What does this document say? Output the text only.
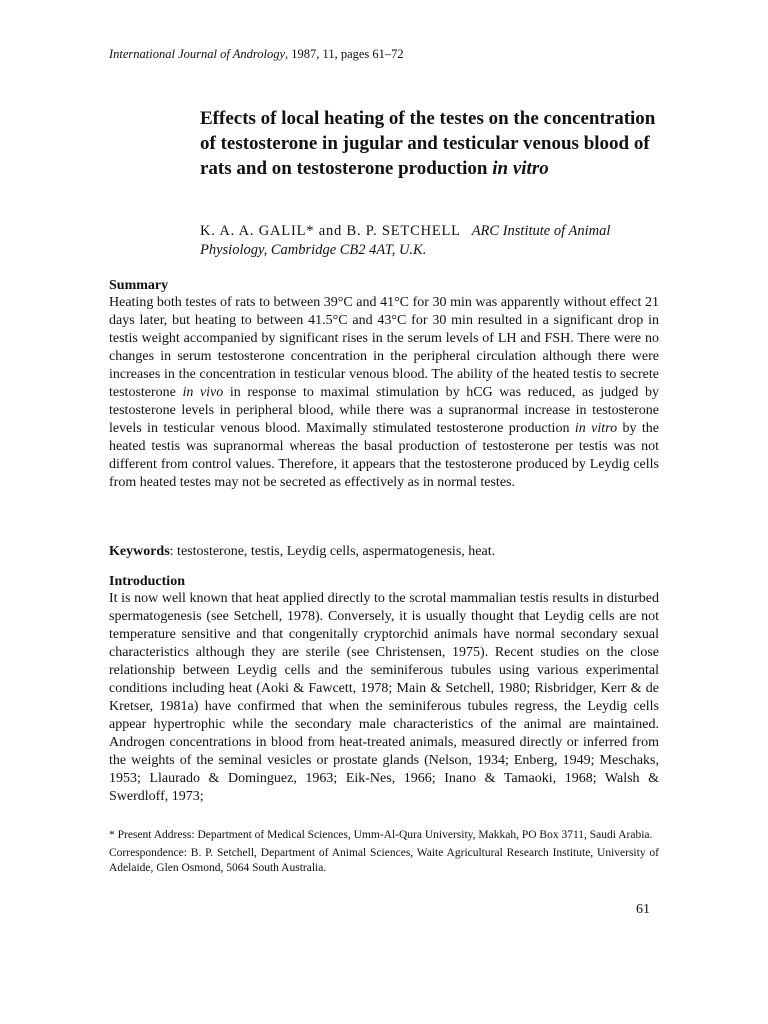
International Journal of Andrology, 1987, 11, pages 61–72
Effects of local heating of the testes on the concentration of testosterone in jugular and testicular venous blood of rats and on testosterone production in vitro
K. A. A. GALIL* and B. P. SETCHELL ARC Institute of Animal Physiology, Cambridge CB2 4AT, U.K.
Summary
Heating both testes of rats to between 39°C and 41°C for 30 min was apparently without effect 21 days later, but heating to between 41.5°C and 43°C for 30 min resulted in a significant drop in testis weight accompanied by significant rises in the serum levels of LH and FSH. There were no changes in serum testosterone concentration in the peripheral circulation although there were increases in the concentration in testicular venous blood. The ability of the heated testis to secrete testosterone in vivo in response to maximal stimulation by hCG was reduced, as judged by testosterone levels in peripheral blood, while there was a supranormal increase in testosterone levels in testicular venous blood. Maximally stimulated testosterone production in vitro by the heated testis was supranormal whereas the basal production of testosterone per testis was not different from control values. Therefore, it appears that the testosterone produced by Leydig cells from heated testes may not be secreted as effectively as in normal testes.
Keywords: testosterone, testis, Leydig cells, aspermatogenesis, heat.
Introduction
It is now well known that heat applied directly to the scrotal mammalian testis results in disturbed spermatogenesis (see Setchell, 1978). Conversely, it is usually thought that Leydig cells are not temperature sensitive and that congenitally cryptorchid animals have normal secondary sexual characteristics although they are sterile (see Christensen, 1975). Recent studies on the close relationship between Leydig cells and the seminiferous tubules using various experimental conditions including heat (Aoki & Fawcett, 1978; Main & Setchell, 1980; Risbridger, Kerr & de Kretser, 1981a) have confirmed that when the seminiferous tubules regress, the Leydig cells appear hypertrophic while the secondary male characteristics of the animal are maintained. Androgen concentrations in blood from heat-treated animals, measured directly or inferred from the weights of the seminal vesicles or prostate glands (Nelson, 1934; Enberg, 1949; Meschaks, 1953; Llaurado & Dominguez, 1963; Eik-Nes, 1966; Inano & Tamaoki, 1968; Walsh & Swerdloff, 1973;

* Present Address: Department of Medical Sciences, Umm-Al-Qura University, Makkah, PO Box 3711, Saudi Arabia.

Correspondence: B. P. Setchell, Department of Animal Sciences, Waite Agricultural Research Institute, University of Adelaide, Glen Osmond, 5064 South Australia.

61
